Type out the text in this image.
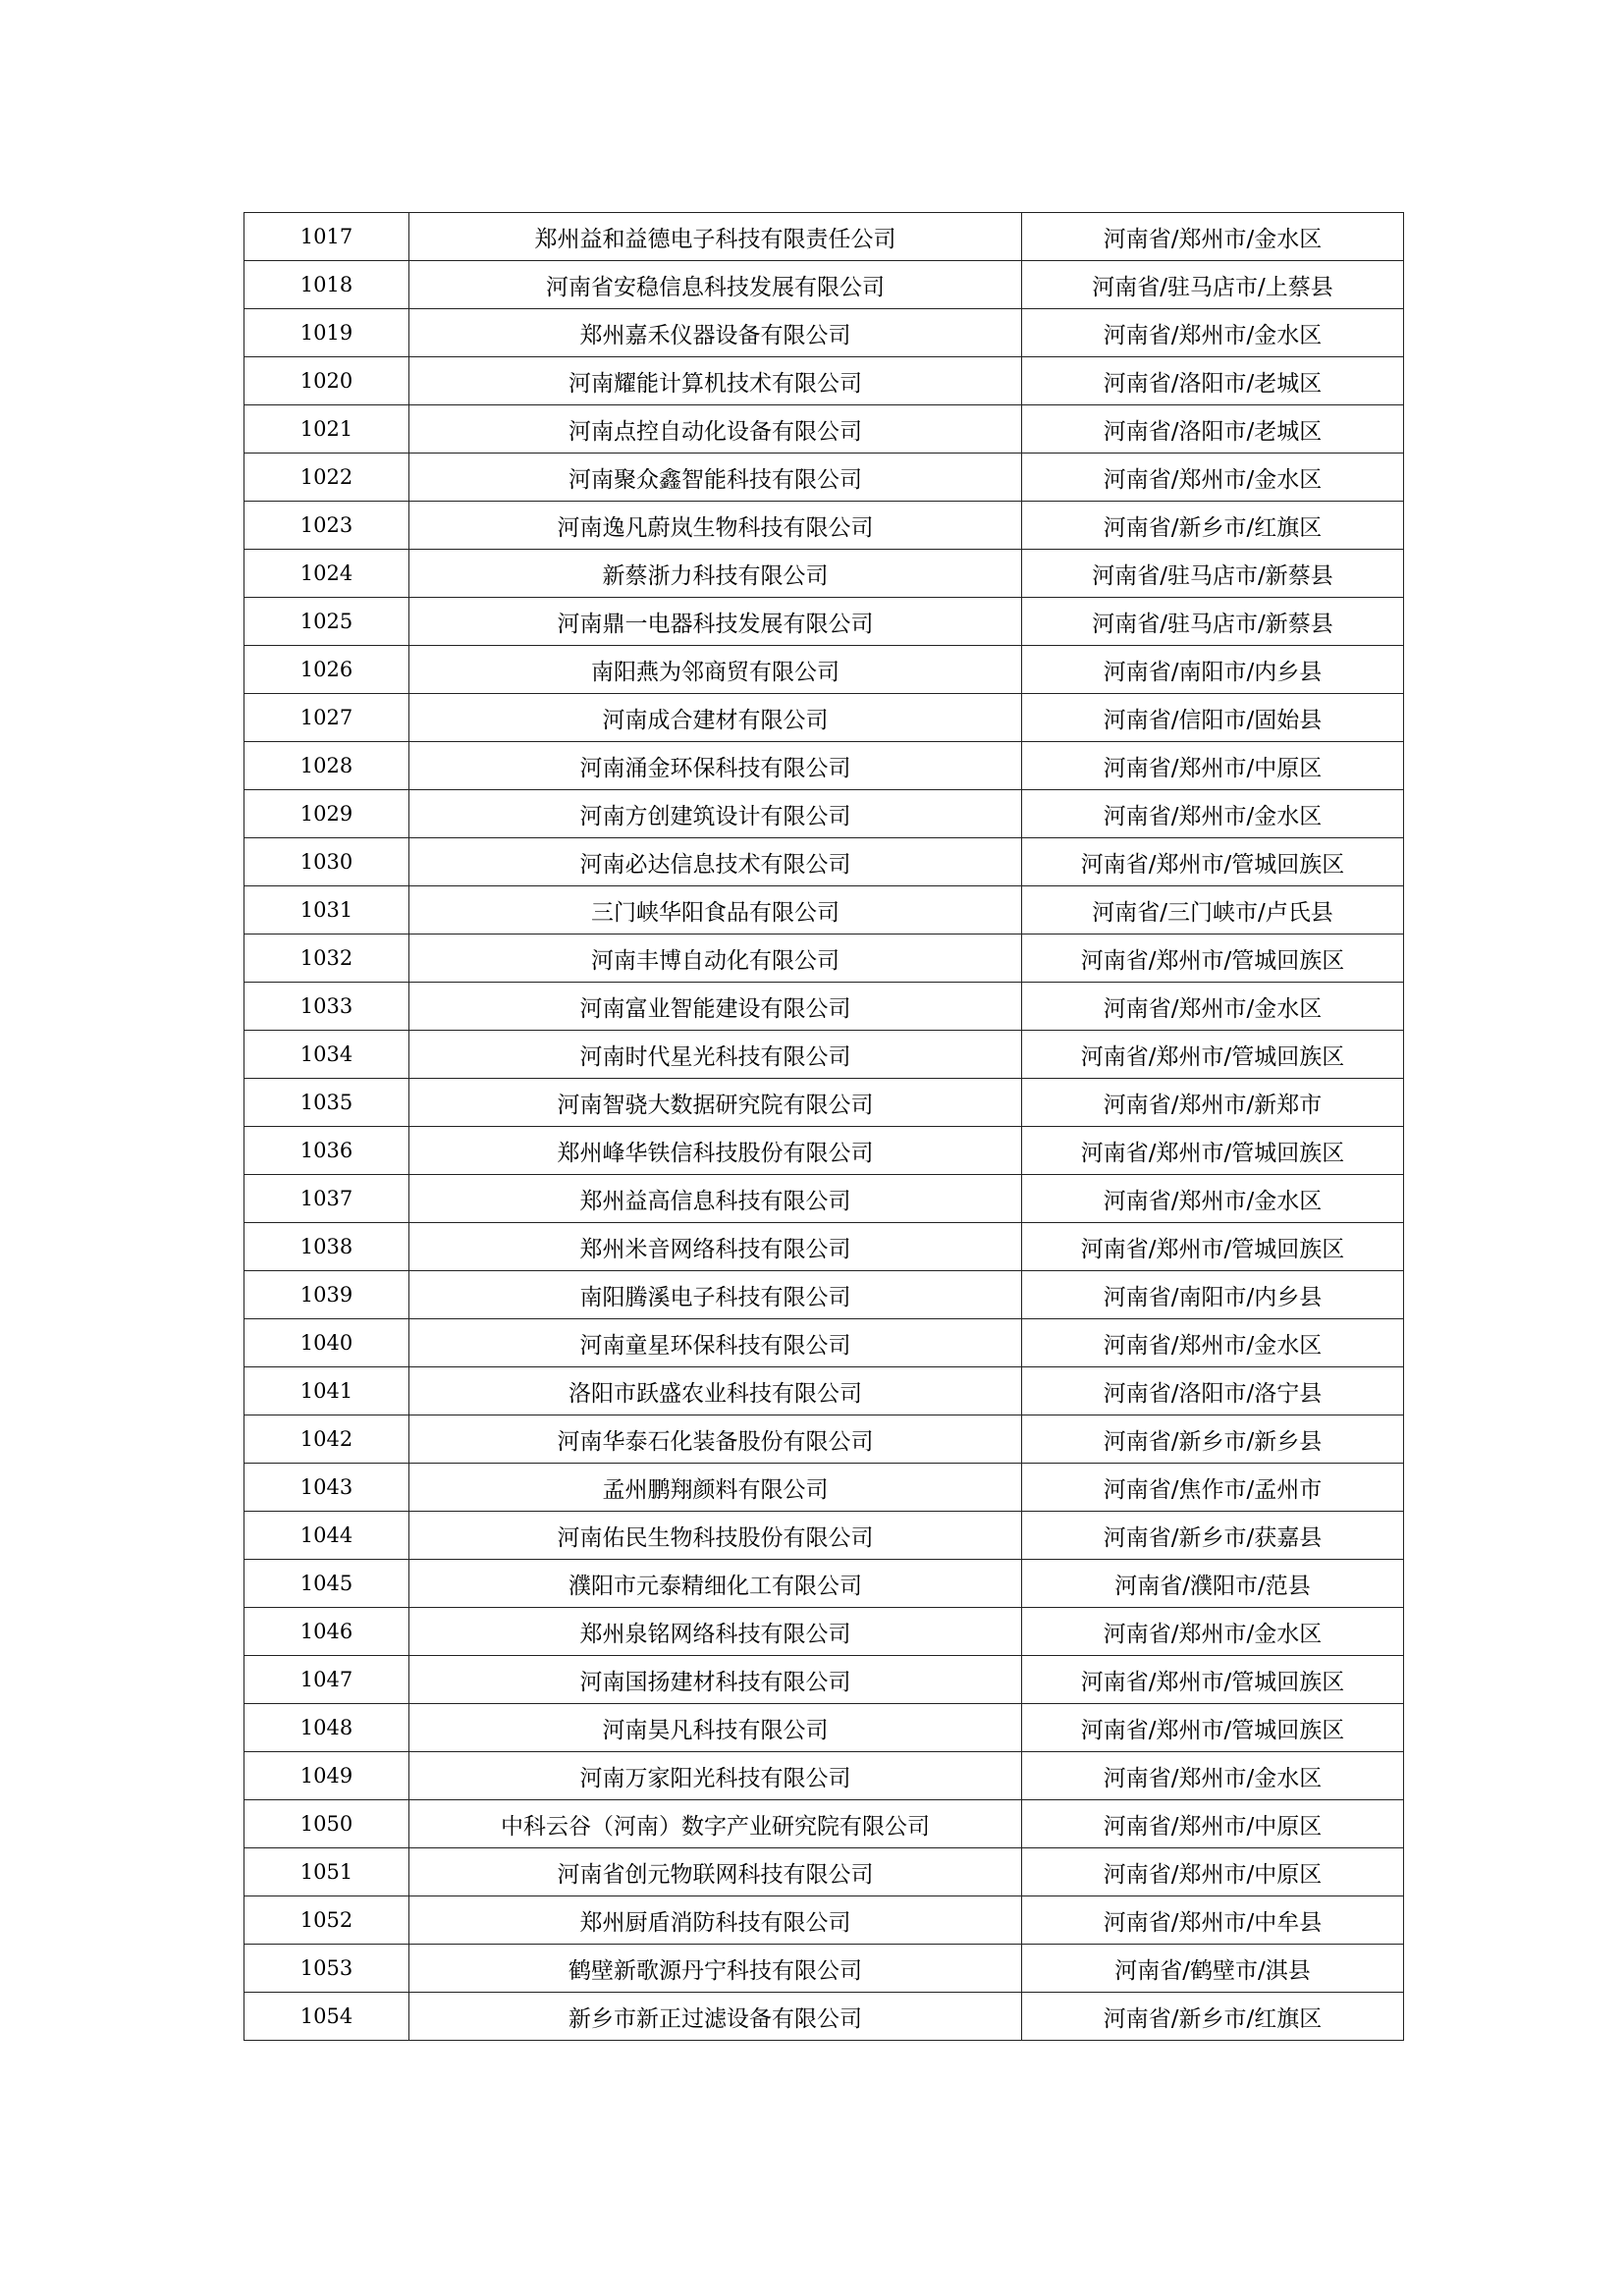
1017	郑州益和益德电子科技有限责任公司	河南省/郑州市/金水区
1018	河南省安稳信息科技发展有限公司	河南省/驻马店市/上蔡县
1019	郑州嘉禾仪器设备有限公司	河南省/郑州市/金水区
1020	河南耀能计算机技术有限公司	河南省/洛阳市/老城区
1021	河南点控自动化设备有限公司	河南省/洛阳市/老城区
1022	河南聚众鑫智能科技有限公司	河南省/郑州市/金水区
1023	河南逸凡蔚岚生物科技有限公司	河南省/新乡市/红旗区
1024	新蔡浙力科技有限公司	河南省/驻马店市/新蔡县
1025	河南鼎一电器科技发展有限公司	河南省/驻马店市/新蔡县
1026	南阳燕为邻商贸有限公司	河南省/南阳市/内乡县
1027	河南成合建材有限公司	河南省/信阳市/固始县
1028	河南涌金环保科技有限公司	河南省/郑州市/中原区
1029	河南方创建筑设计有限公司	河南省/郑州市/金水区
1030	河南必达信息技术有限公司	河南省/郑州市/管城回族区
1031	三门峡华阳食品有限公司	河南省/三门峡市/卢氏县
1032	河南丰博自动化有限公司	河南省/郑州市/管城回族区
1033	河南富业智能建设有限公司	河南省/郑州市/金水区
1034	河南时代星光科技有限公司	河南省/郑州市/管城回族区
1035	河南智骁大数据研究院有限公司	河南省/郑州市/新郑市
1036	郑州峰华铁信科技股份有限公司	河南省/郑州市/管城回族区
1037	郑州益高信息科技有限公司	河南省/郑州市/金水区
1038	郑州米音网络科技有限公司	河南省/郑州市/管城回族区
1039	南阳腾溪电子科技有限公司	河南省/南阳市/内乡县
1040	河南童星环保科技有限公司	河南省/郑州市/金水区
1041	洛阳市跃盛农业科技有限公司	河南省/洛阳市/洛宁县
1042	河南华泰石化装备股份有限公司	河南省/新乡市/新乡县
1043	孟州鹏翔颜料有限公司	河南省/焦作市/孟州市
1044	河南佑民生物科技股份有限公司	河南省/新乡市/获嘉县
1045	濮阳市元泰精细化工有限公司	河南省/濮阳市/范县
1046	郑州泉铭网络科技有限公司	河南省/郑州市/金水区
1047	河南国扬建材科技有限公司	河南省/郑州市/管城回族区
1048	河南昊凡科技有限公司	河南省/郑州市/管城回族区
1049	河南万家阳光科技有限公司	河南省/郑州市/金水区
1050	中科云谷（河南）数字产业研究院有限公司	河南省/郑州市/中原区
1051	河南省创元物联网科技有限公司	河南省/郑州市/中原区
1052	郑州厨盾消防科技有限公司	河南省/郑州市/中牟县
1053	鹤壁新歌源丹宁科技有限公司	河南省/鹤壁市/淇县
1054	新乡市新正过滤设备有限公司	河南省/新乡市/红旗区
